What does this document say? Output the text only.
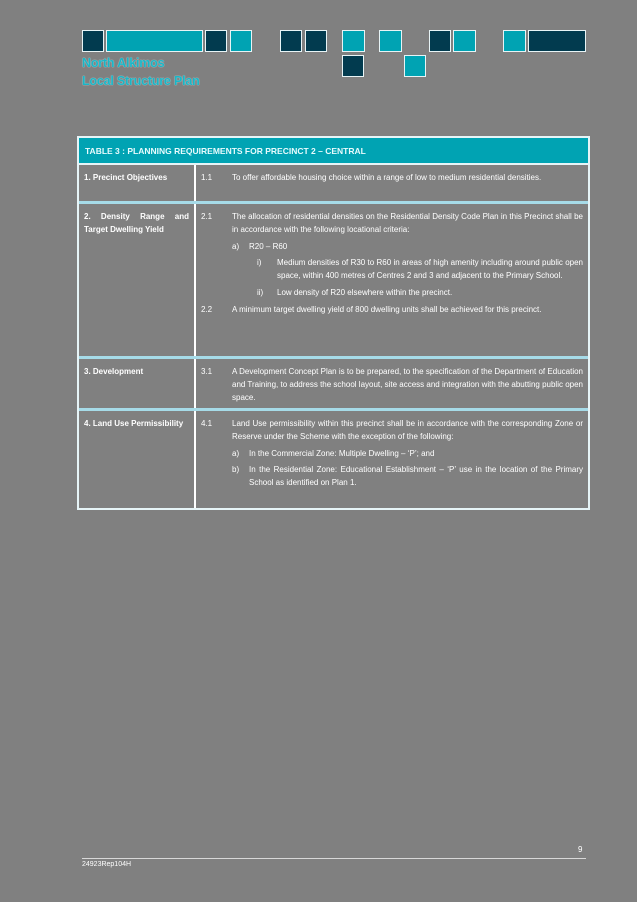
North Alkimos
Local Structure Plan
TABLE 3 : PLANNING REQUIREMENTS FOR PRECINCT 2 – CENTRAL
1. Precinct Objectives	1.1	To offer affordable housing choice within a range of low to medium residential densities.
2. Density Range and Target Dwelling Yield
2.1	The allocation of residential densities on the Residential Density Code Plan in this Precinct shall be in accordance with the following locational criteria:
a)	R20 – R60
i)	Medium densities of R30 to R60 in areas of high amenity including around public open space, within 400 metres of Centres 2 and 3 and adjacent to the Primary School.
ii)	Low density of R20 elsewhere within the precinct.
2.2	A minimum target dwelling yield of 800 dwelling units shall be achieved for this precinct.
3. Development	3.1	A Development Concept Plan is to be prepared, to the specification of the Department of Education and Training, to address the school layout, site access and integration with the abutting public open space.
4. Land Use Permissibility	4.1	Land Use permissibility within this precinct shall be in accordance with the corresponding Zone or Reserve under the Scheme with the exception of the following:
a)	In the Commercial Zone: Multiple Dwelling – ‘P’; and
b)	In the Residential Zone: Educational Establishment – ‘P’ use in the location of the Primary School as identified on Plan 1.
9
24923Rep104H
